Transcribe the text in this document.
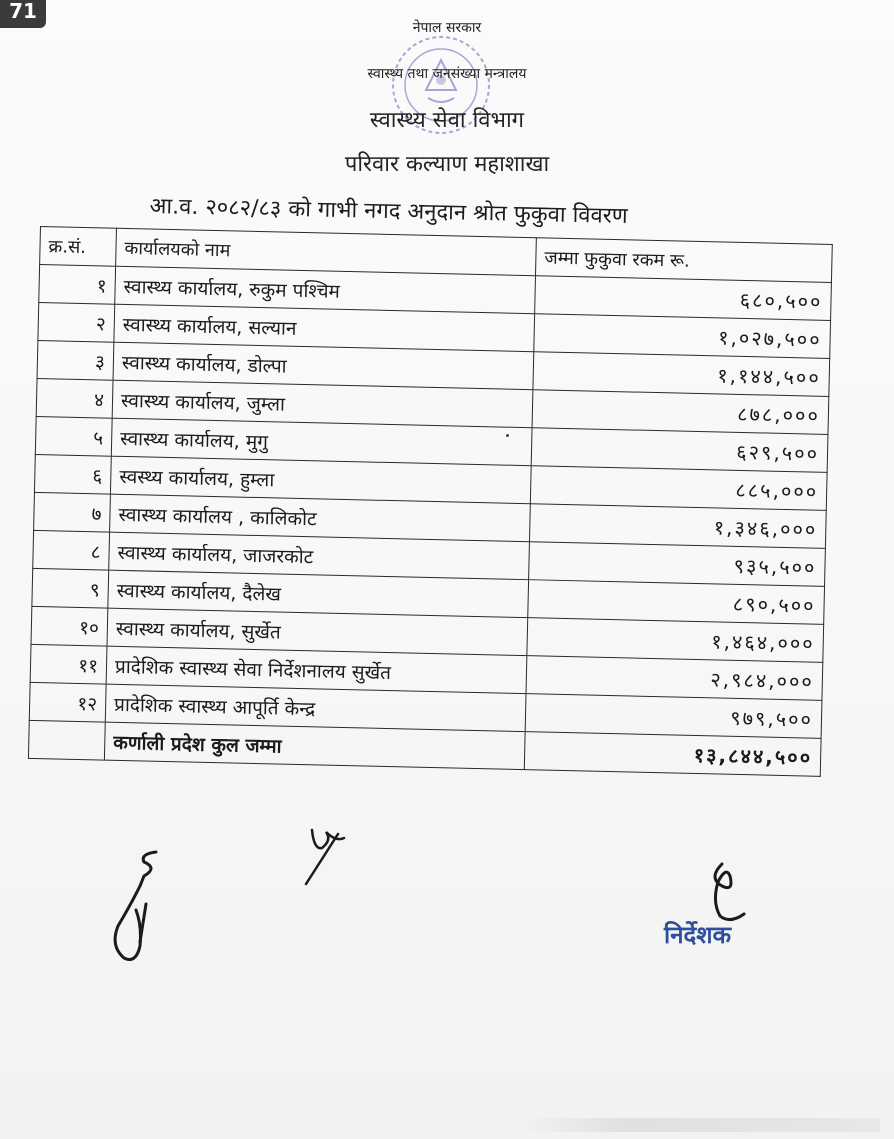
71
नेपाल सरकार
स्वास्थ्य तथा जनसंख्या मन्त्रालय
स्वास्थ्य सेवा विभाग
परिवार कल्याण महाशाखा
आ.व. २०८२/८३ को गाभी नगद अनुदान श्रोत फुकुवा विवरण
क्र.सं.	कार्यालयको नाम	जम्मा फुकुवा रकम रू.
१	स्वास्थ्य कार्यालय, रुकुम पश्चिम	६८०,५००
२	स्वास्थ्य कार्यालय, सल्यान	१,०२७,५००
३	स्वास्थ्य कार्यालय, डोल्पा	१,१४४,५००
४	स्वास्थ्य कार्यालय, जुम्ला	८७८,०००
५	स्वास्थ्य कार्यालय, मुगु	६२९,५००
६	स्वस्थ्य कार्यालय, हुम्ला	८८५,०००
७	स्वास्थ्य कार्यालय , कालिकोट	१,३४६,०००
८	स्वास्थ्य कार्यालय, जाजरकोट	९३५,५००
९	स्वास्थ्य कार्यालय, दैलेख	८९०,५००
१०	स्वास्थ्य कार्यालय, सुर्खेत	१,४६४,०००
११	प्रादेशिक स्वास्थ्य सेवा निर्देशनालय सुर्खेत	२,९८४,०००
१२	प्रादेशिक स्वास्थ्य आपूर्ति केन्द्र	९७९,५००
	कर्णाली प्रदेश कुल जम्मा	१३,८४४,५००
निर्देशक
